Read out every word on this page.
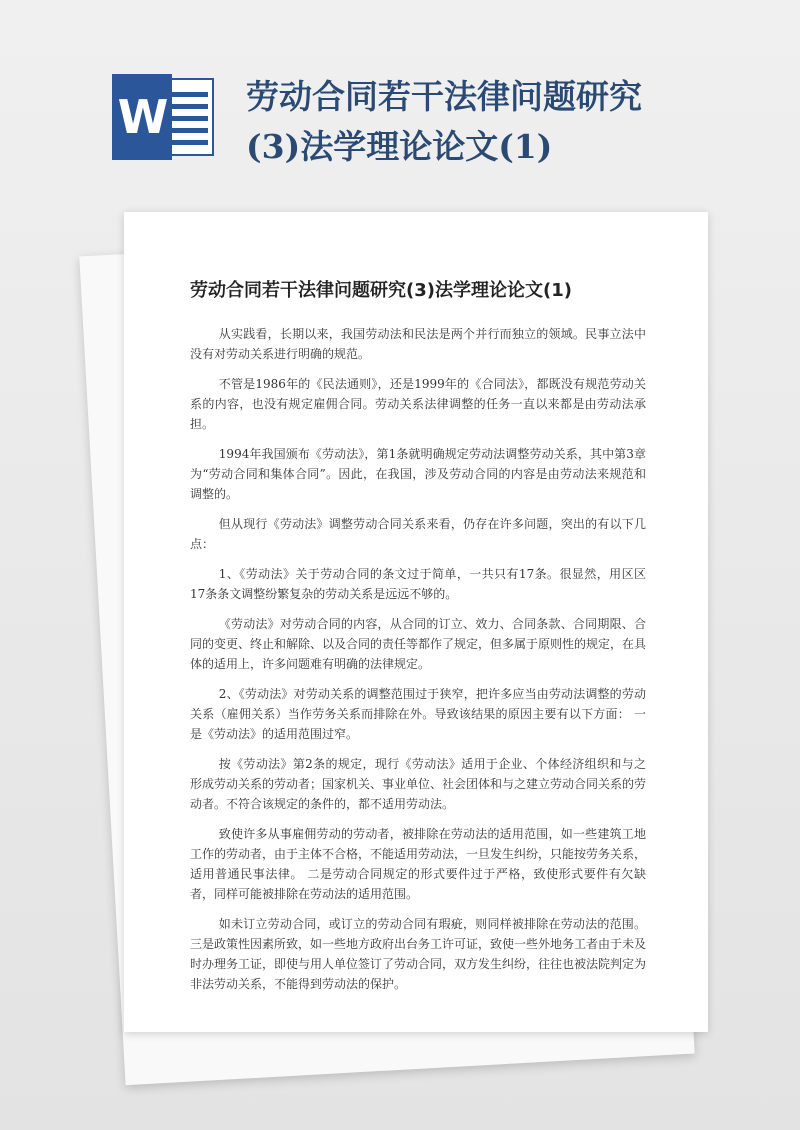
W 劳动合同若干法律问题研究(3)法学理论论文(1)
劳动合同若干法律问题研究(3)法学理论论文(1)

从实践看，长期以来，我国劳动法和民法是两个并行而独立的领域。民事立法中没有对劳动关系进行明确的规范。

不管是1986年的《民法通则》，还是1999年的《合同法》，都既没有规范劳动关系的内容，也没有规定雇佣合同。劳动关系法律调整的任务一直以来都是由劳动法承担。

1994年我国颁布《劳动法》，第1条就明确规定劳动法调整劳动关系，其中第3章为“劳动合同和集体合同”。因此，在我国，涉及劳动合同的内容是由劳动法来规范和调整的。

但从现行《劳动法》调整劳动合同关系来看，仍存在许多问题，突出的有以下几点：

1、《劳动法》关于劳动合同的条文过于简单，一共只有17条。很显然，用区区17条条文调整纷繁复杂的劳动关系是远远不够的。

《劳动法》对劳动合同的内容，从合同的订立、效力、合同条款、合同期限、合同的变更、终止和解除、以及合同的责任等都作了规定，但多属于原则性的规定，在具体的适用上，许多问题难有明确的法律规定。

2、《劳动法》对劳动关系的调整范围过于狭窄，把许多应当由劳动法调整的劳动关系（雇佣关系）当作劳务关系而排除在外。导致该结果的原因主要有以下方面： 一是《劳动法》的适用范围过窄。

按《劳动法》第2条的规定，现行《劳动法》适用于企业、个体经济组织和与之形成劳动关系的劳动者；国家机关、事业单位、社会团体和与之建立劳动合同关系的劳动者。不符合该规定的条件的，都不适用劳动法。

致使许多从事雇佣劳动的劳动者，被排除在劳动法的适用范围，如一些建筑工地工作的劳动者，由于主体不合格，不能适用劳动法，一旦发生纠纷，只能按劳务关系，适用普通民事法律。 二是劳动合同规定的形式要件过于严格，致使形式要件有欠缺者，同样可能被排除在劳动法的适用范围。

如未订立劳动合同，或订立的劳动合同有瑕疵，则同样被排除在劳动法的范围。 三是政策性因素所致，如一些地方政府出台务工许可证，致使一些外地务工者由于未及时办理务工证，即使与用人单位签订了劳动合同，双方发生纠纷，往往也被法院判定为非法劳动关系，不能得到劳动法的保护。
